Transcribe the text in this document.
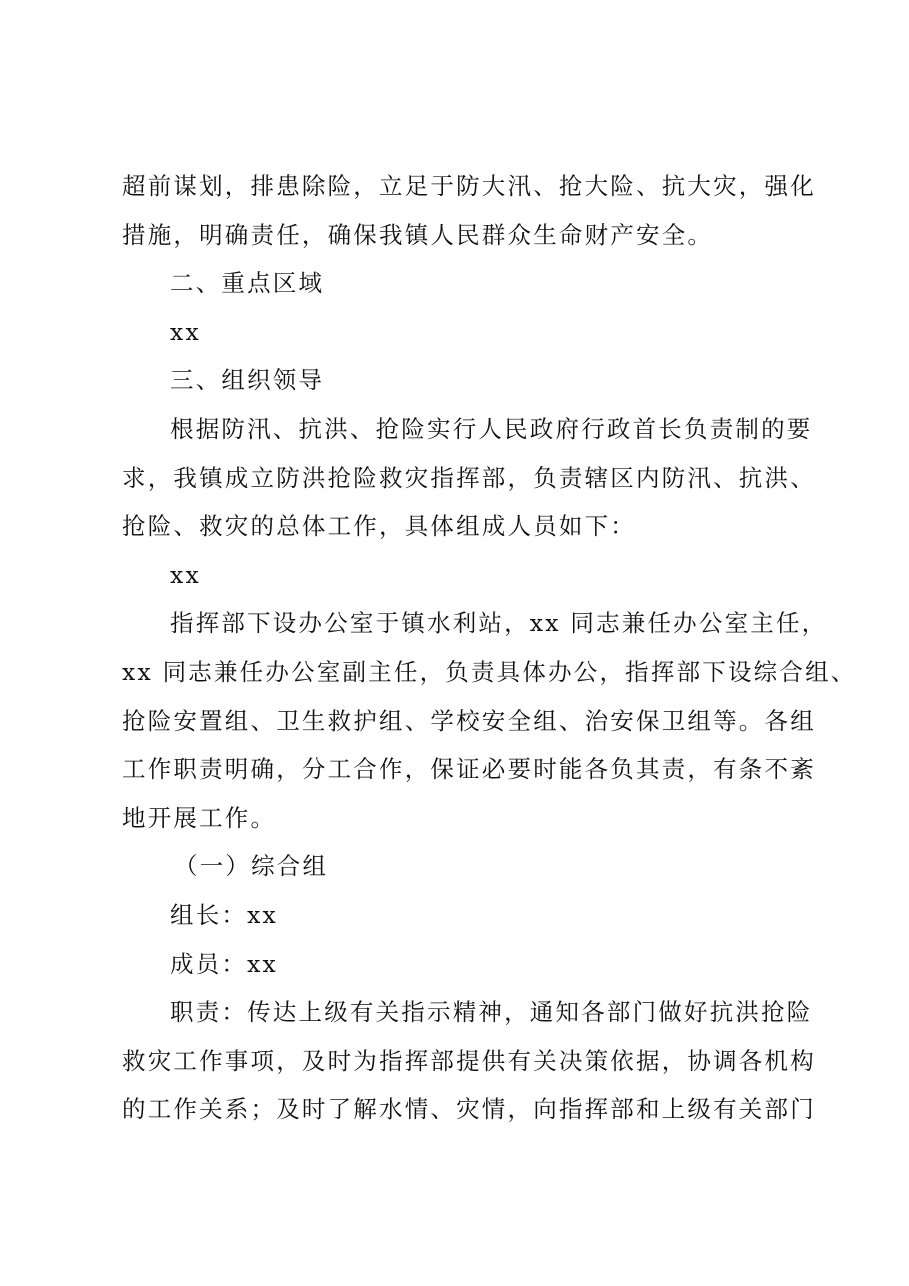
超前谋划，排患除险，立足于防大汛、抢大险、抗大灾，强化
措施，明确责任，确保我镇人民群众生命财产安全。
二、重点区域
xx
三、组织领导
根据防汛、抗洪、抢险实行人民政府行政首长负责制的要
求，我镇成立防洪抢险救灾指挥部，负责辖区内防汛、抗洪、
抢险、救灾的总体工作，具体组成人员如下：
xx
指挥部下设办公室于镇水利站，xx 同志兼任办公室主任，
xx 同志兼任办公室副主任，负责具体办公，指挥部下设综合组、
抢险安置组、卫生救护组、学校安全组、治安保卫组等。各组
工作职责明确，分工合作，保证必要时能各负其责，有条不紊
地开展工作。
（一）综合组
组长：xx
成员：xx
职责：传达上级有关指示精神，通知各部门做好抗洪抢险
救灾工作事项，及时为指挥部提供有关决策依据，协调各机构
的工作关系；及时了解水情、灾情，向指挥部和上级有关部门
